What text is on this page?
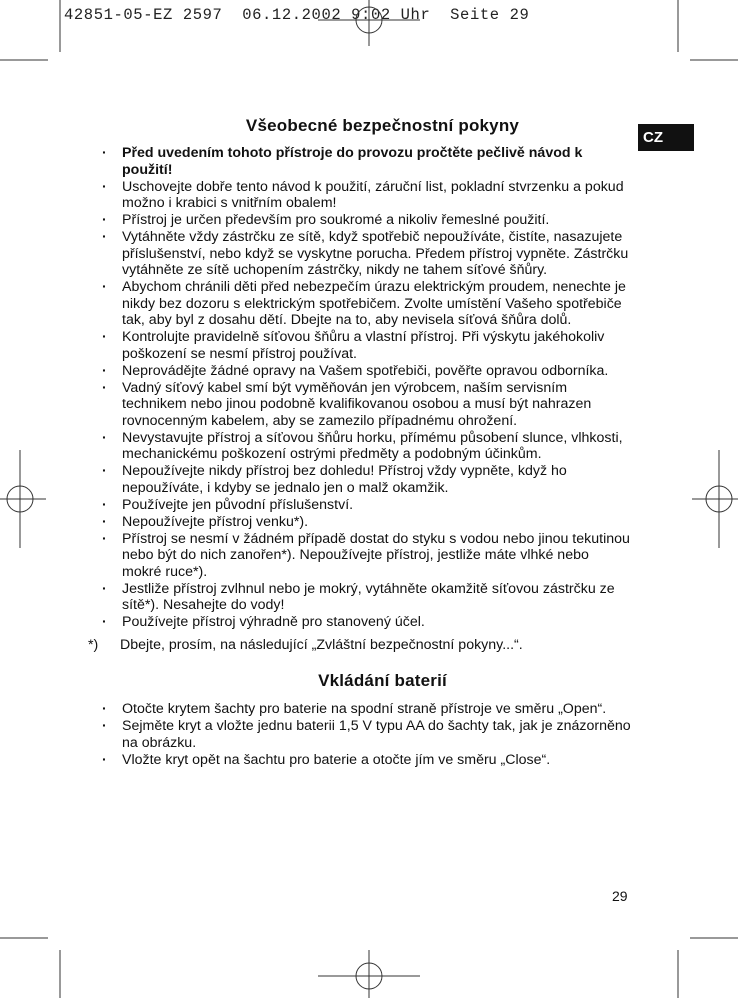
42851-05-EZ 2597  06.12.2002 9:02 Uhr  Seite 29
CZ
Všeobecné bezpečnostní pokyny
· Před uvedením tohoto přístroje do provozu pročtěte pečlivě návod k použití!
· Uschovejte dobře tento návod k použití, záruční list, pokladní stvrzenku a pokud možno i krabici s vnitřním obalem!
· Přístroj je určen především pro soukromé a nikoliv řemeslné použití.
· Vytáhněte vždy zástrčku ze sítě, když spotřebič nepoužíváte, čistíte, nasazujete příslušenství, nebo když se vyskytne porucha. Předem přístroj vypněte. Zástrčku vytáhněte ze sítě uchopením zástrčky, nikdy ne tahem síťové šňůry.
· Abychom chránili děti před nebezpečím úrazu elektrickým proudem, nenechte je nikdy bez dozoru s elektrickým spotřebičem. Zvolte umístění Vašeho spotřebiče tak, aby byl z dosahu dětí. Dbejte na to, aby nevisela síťová šňůra dolů.
· Kontrolujte pravidelně síťovou šňůru a vlastní přístroj. Při výskytu jakéhokoliv poškození se nesmí přístroj používat.
· Neprovádějte žádné opravy na Vašem spotřebiči, pověřte opravou odborníka.
· Vadný síťový kabel smí být vyměňován jen výrobcem, naším servisním technikem nebo jinou podobně kvalifikovanou osobou a musí být nahrazen rovnocenným kabelem, aby se zamezilo případnému ohrožení.
· Nevystavujte přístroj a síťovou šňůru horku, přímému působení slunce, vlhkosti, mechanickému poškození ostrými předměty a podobným účinkům.
· Nepoužívejte nikdy přístroj bez dohledu! Přístroj vždy vypněte, když ho nepoužíváte, i kdyby se jednalo jen o malž okamžik.
· Používejte jen původní příslušenství.
· Nepoužívejte přístroj venku*).
· Přístroj se nesmí v žádném případě dostat do styku s vodou nebo jinou tekutinou nebo být do nich zanořen*). Nepoužívejte přístroj, jestliže máte vlhké nebo mokré ruce*).
· Jestliže přístroj zvlhnul nebo je mokrý, vytáhněte okamžitě síťovou zástrčku ze sítě*). Nesahejte do vody!
· Používejte přístroj výhradně pro stanovený účel.
*) Dbejte, prosím, na následující „Zvláštní bezpečnostní pokyny...“.
Vkládání baterií
· Otočte krytem šachty pro baterie na spodní straně přístroje ve směru „Open“.
· Sejměte kryt a vložte jednu baterii 1,5 V typu AA do šachty tak, jak je znázorněno na obrázku.
· Vložte kryt opět na šachtu pro baterie a otočte jím ve směru „Close“.
29
